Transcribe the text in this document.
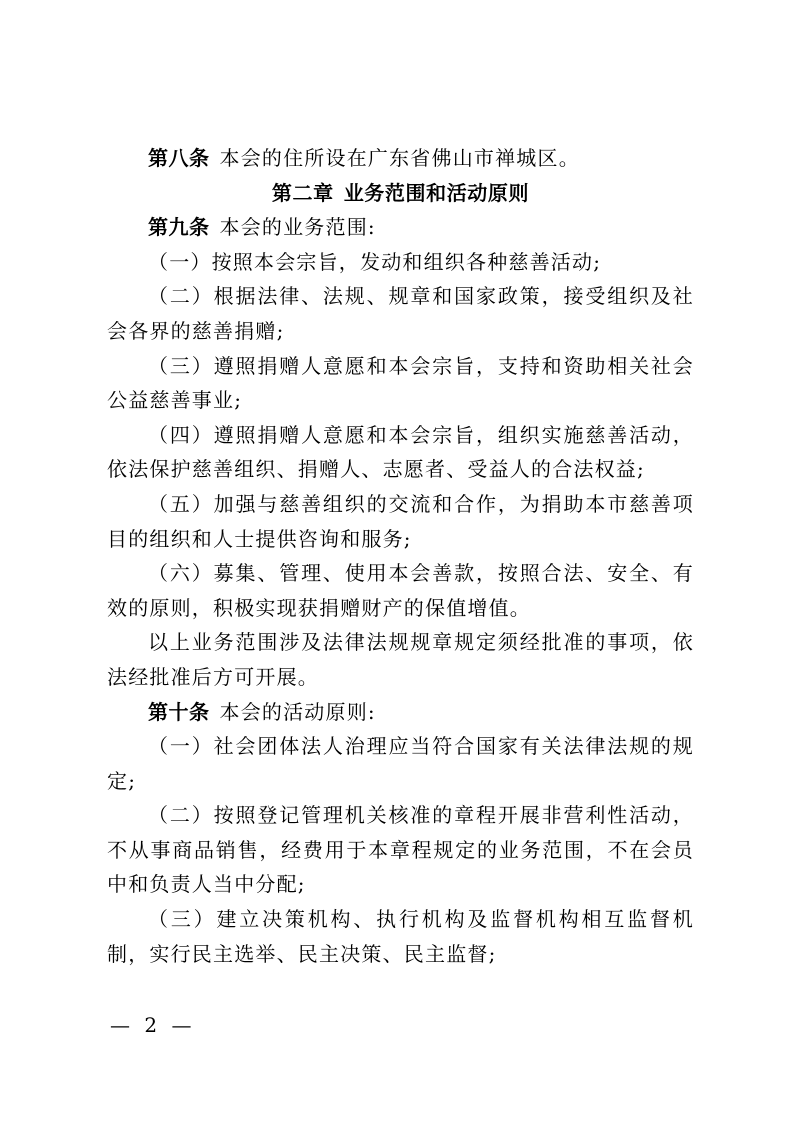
第八条 本会的住所设在广东省佛山市禅城区。

第二章 业务范围和活动原则

第九条 本会的业务范围:

（一）按照本会宗旨，发动和组织各种慈善活动;

（二）根据法律、法规、规章和国家政策，接受组织及社会各界的慈善捐赠;

（三）遵照捐赠人意愿和本会宗旨，支持和资助相关社会公益慈善事业;

（四）遵照捐赠人意愿和本会宗旨，组织实施慈善活动，依法保护慈善组织、捐赠人、志愿者、受益人的合法权益;

（五）加强与慈善组织的交流和合作，为捐助本市慈善项目的组织和人士提供咨询和服务;

（六）募集、管理、使用本会善款，按照合法、安全、有效的原则，积极实现获捐赠财产的保值增值。

以上业务范围涉及法律法规规章规定须经批准的事项，依法经批准后方可开展。

第十条 本会的活动原则:

（一）社会团体法人治理应当符合国家有关法律法规的规定;

（二）按照登记管理机关核准的章程开展非营利性活动，不从事商品销售，经费用于本章程规定的业务范围，不在会员中和负责人当中分配;

（三）建立决策机构、执行机构及监督机构相互监督机制，实行民主选举、民主决策、民主监督;

— 2 —
